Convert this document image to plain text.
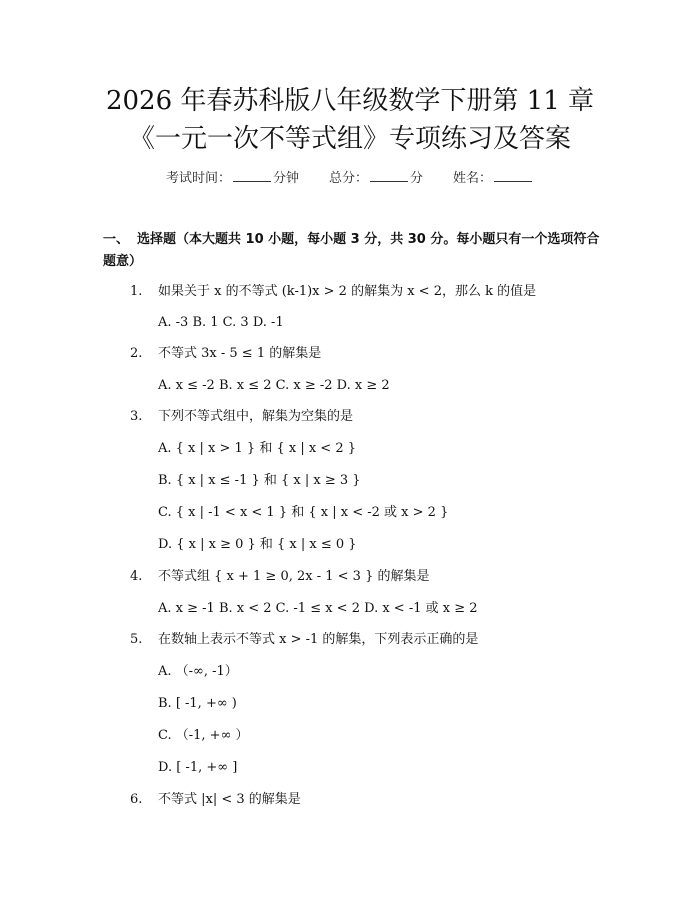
2026 年春苏科版八年级数学下册第 11 章
《一元一次不等式组》专项练习及答案
考试时间：	分钟 总分：	分 姓名：
一、 选择题（本大题共 10 小题，每小题 3 分，共 30 分。每小题只有一个选项符合题意）
1. 如果关于 x 的不等式 (k-1)x > 2 的解集为 x < 2，那么 k 的值是
A. -3 B. 1 C. 3 D. -1
2. 不等式 3x - 5 ≤ 1 的解集是
A. x ≤ -2 B. x ≤ 2 C. x ≥ -2 D. x ≥ 2
3. 下列不等式组中，解集为空集的是
A. { x | x > 1 } 和 { x | x < 2 }
B. { x | x ≤ -1 } 和 { x | x ≥ 3 }
C. { x | -1 < x < 1 } 和 { x | x < -2 或 x > 2 }
D. { x | x ≥ 0 } 和 { x | x ≤ 0 }
4. 不等式组 { x + 1 ≥ 0, 2x - 1 < 3 } 的解集是
A. x ≥ -1 B. x < 2 C. -1 ≤ x < 2 D. x < -1 或 x ≥ 2
5. 在数轴上表示不等式 x > -1 的解集，下列表示正确的是
A. （-∞, -1）
B. [ -1, +∞ )
C. （-1, +∞ ）
D. [ -1, +∞ ]
6. 不等式 |x| < 3 的解集是
